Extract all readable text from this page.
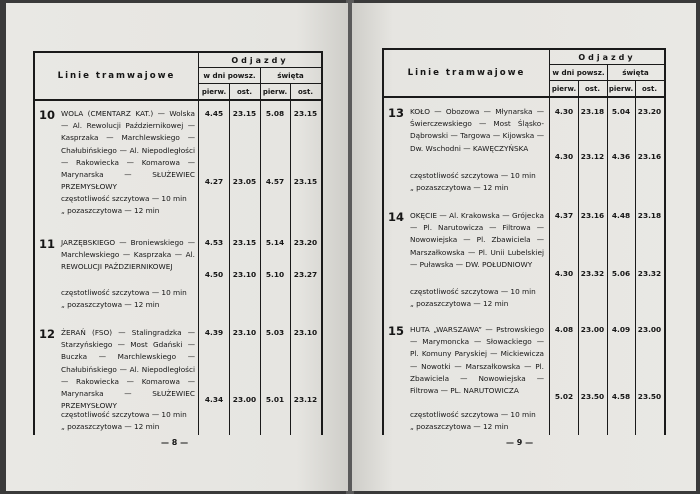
Linie tramwajowe
Odjazdy
w dni powsz.	święta
pierw.	ost.	pierw.	ost.
10 WOLA (CMENTARZ KAT.) — Wolska — Al. Rewolucji Październikowej — Kasprzaka — Marchlewskiego — Chałubińskiego — Al. Niepodległości — Rakowiecka — Komarowa — Marynarska — SŁUŻEWIEC PRZEMYSŁOWY
4.45	23.15	5.08	23.15
4.27	23.05	4.57	23.15
częstotliwość szczytowa — 10 min
„ pozaszczytowa — 12 min
11 JARZĘBSKIEGO — Broniewskiego — Marchlewskiego — Kasprzaka — Al. REWOLUCJI PAŹDZIERNIKOWEJ
4.53	23.15	5.14	23.20
4.50	23.10	5.10	23.27
częstotliwość szczytowa — 10 min
„ pozaszczytowa — 12 min
12 ŻERAŃ (FSO) — Stalingradzka — Starzyńskiego — Most Gdański — Buczka — Marchlewskiego — Chałubińskiego — Al. Niepodległości — Rakowiecka — Komarowa — Marynarska — SŁUŻEWIEC PRZEMYSŁOWY
4.39	23.10	5.03	23.10
4.34	23.00	5.01	23.12
częstotliwość szczytowa — 10 min
„ pozaszczytowa — 12 min
— 8 —
Linie tramwajowe
Odjazdy
w dni powsz.	święta
pierw.	ost.	pierw.	ost.
13 KOŁO — Obozowa — Młynarska — Świerczewskiego — Most Śląsko-Dąbrowski — Targowa — Kijowska — Dw. Wschodni — KAWĘCZYŃSKA
4.30	23.18	5.04	23.20
4.30	23.12	4.36	23.16
częstotliwość szczytowa — 10 min
„ pozaszczytowa — 12 min
14 OKĘCIE — Al. Krakowska — Grójecka — Pl. Narutowicza — Filtrowa — Nowowiejska — Pl. Zbawiciela — Marszałkowska — Pl. Unii Lubelskiej — Puławska — DW. POŁUDNIOWY
4.37	23.16	4.48	23.18
4.30	23.32	5.06	23.32
częstotliwość szczytowa — 10 min
„ pozaszczytowa — 12 min
15 HUTA „WARSZAWA” — Pstrowskiego — Marymoncka — Słowackiego — Pl. Komuny Paryskiej — Mickiewicza — Nowotki — Marszałkowska — Pl. Zbawiciela — Nowowiejska — Filtrowa — PL. NARUTOWICZA
4.08	23.00	4.09	23.00
5.02	23.50	4.58	23.50
częstotliwość szczytowa — 10 min
„ pozaszczytowa — 12 min
— 9 —
